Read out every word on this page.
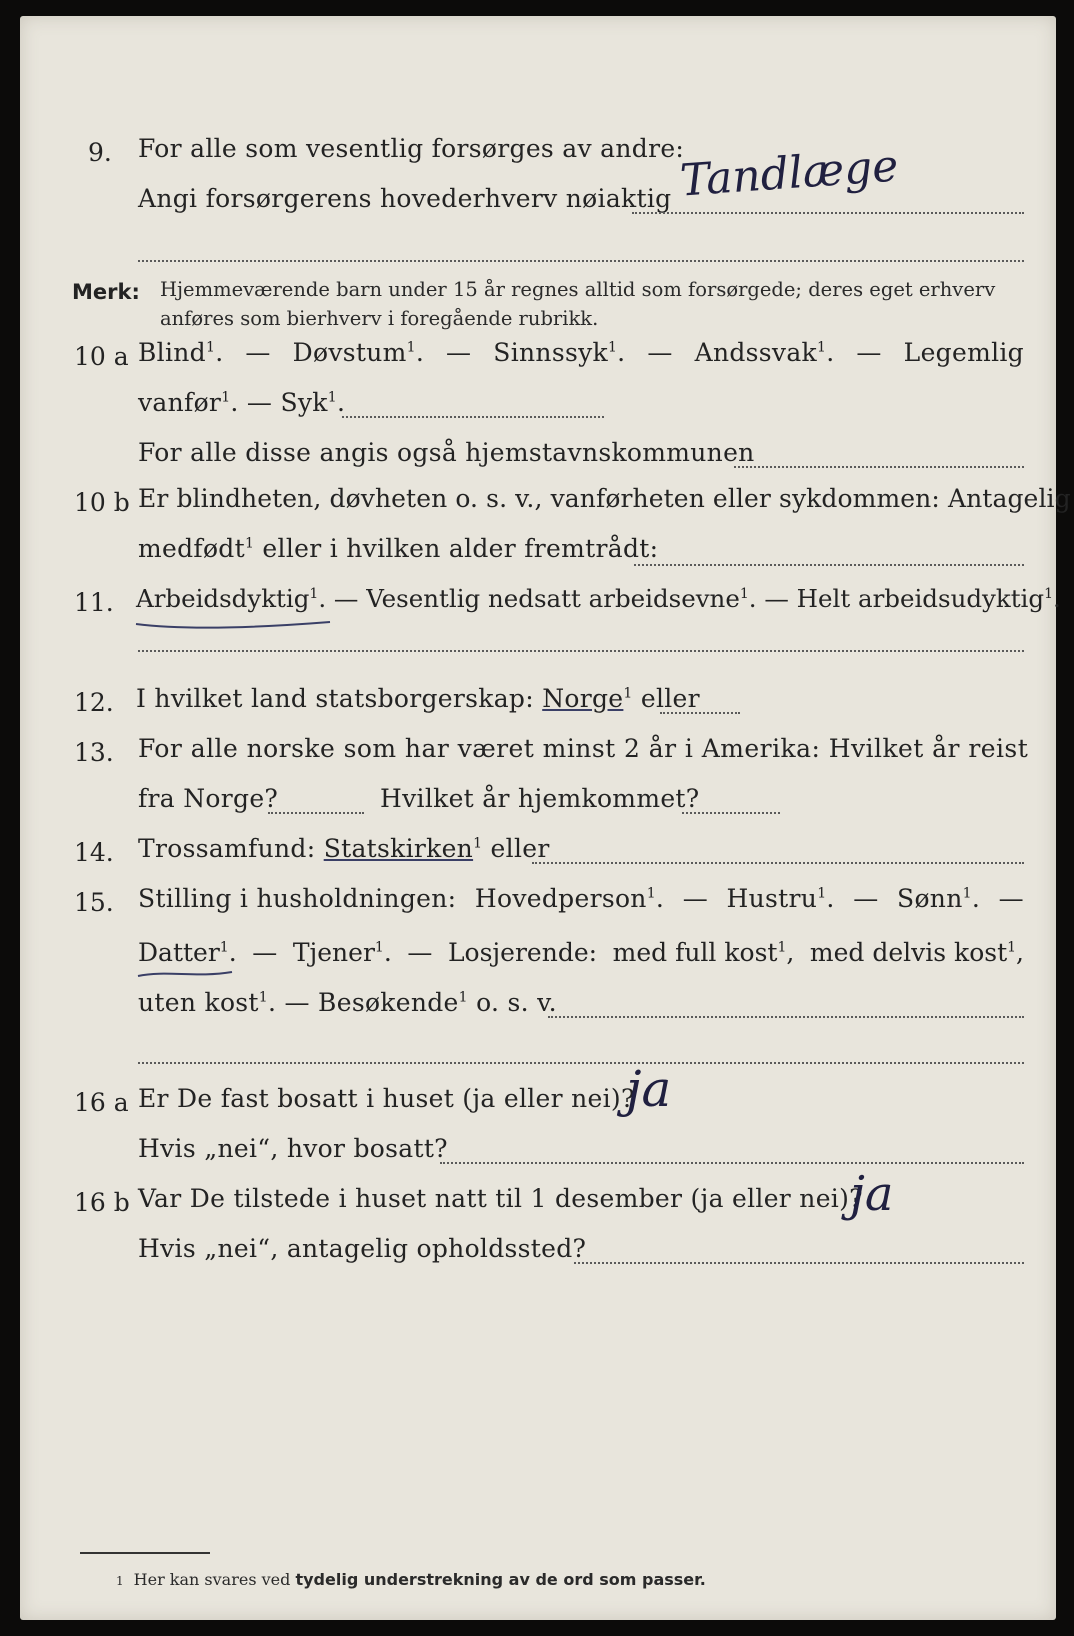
9. For alle som vesentlig forsørges av andre:
Angi forsørgerens hovederhverv nøiaktig Tandlæge
Merk: Hjemmeværende barn under 15 år regnes alltid som forsørgede; deres eget erhverv
anføres som bierhverv i foregående rubrikk.
10 a Blind$^1$. — Døvstum$^1$. — Sinnssyk$^1$. — Andssvak$^1$. — Legemlig
vanfør$^1$. — Syk$^1$.
For alle disse angis også hjemstavnskommunen
10 b Er blindheten, døvheten o. s. v., vanførheten eller sykdommen: Antagelig
medfødt$^1$ eller i hvilken alder fremtrådt:
11. Arbeidsdyktig$^1$. — Vesentlig nedsatt arbeidsevne$^1$. — Helt arbeidsudyktig$^1$.
12. I hvilket land statsborgerskap: Norge$^1$ eller
13. For alle norske som har været minst 2 år i Amerika: Hvilket år reist
fra Norge?	Hvilket år hjemkommet?
14. Trossamfund: Statskirken$^1$ eller
15. Stilling i husholdningen: Hovedperson$^1$. — Hustru$^1$. — Sønn$^1$. —
Datter$^1$. — Tjener$^1$. — Losjerende: med full kost$^1$, med delvis kost$^1$,
uten kost$^1$. — Besøkende$^1$ o. s. v.
16 a Er De fast bosatt i huset (ja eller nei)?
ja
Hvis „nei“, hvor bosatt?
16 b Var De tilstede i huset natt til 1 desember (ja eller nei)?
ja
Hvis „nei“, antagelig opholdssted?
1 Her kan svares ved tydelig understrekning av de ord som passer.
